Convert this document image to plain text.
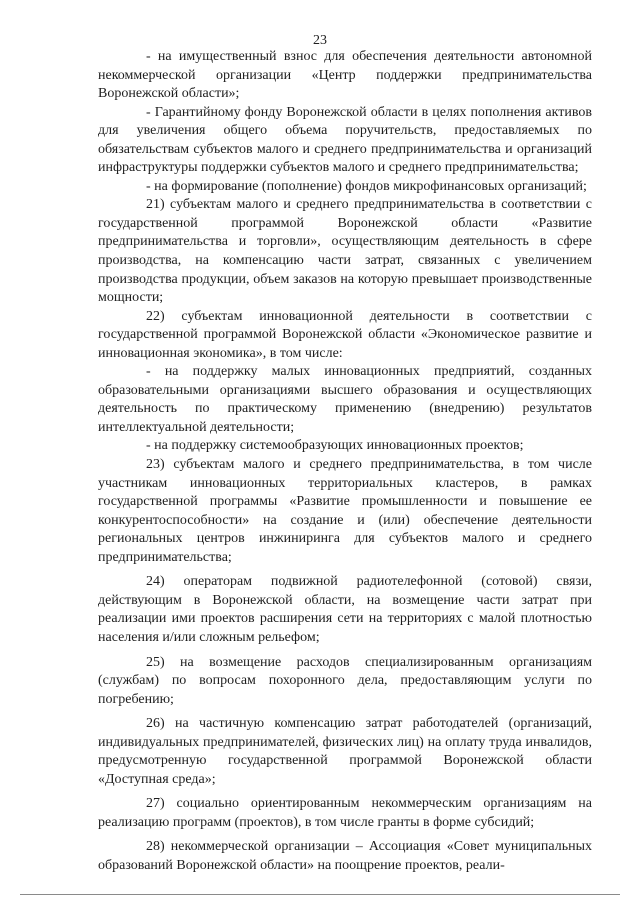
23

- на имущественный взнос для обеспечения деятельности автономной некоммерческой организации «Центр поддержки предпринимательства Воронежской области»;

- Гарантийному фонду Воронежской области в целях пополнения активов для увеличения общего объема поручительств, предоставляемых по обязательствам субъектов малого и среднего предпринимательства и организаций инфраструктуры поддержки субъектов малого и среднего предпринимательства;

- на формирование (пополнение) фондов микрофинансовых организаций;

21) субъектам малого и среднего предпринимательства в соответствии с государственной программой Воронежской области «Развитие предпринимательства и торговли», осуществляющим деятельность в сфере производства, на компенсацию части затрат, связанных с увеличением производства продукции, объем заказов на которую превышает производственные мощности;

22) субъектам инновационной деятельности в соответствии с государственной программой Воронежской области «Экономическое развитие и инновационная экономика», в том числе:

- на поддержку малых инновационных предприятий, созданных образовательными организациями высшего образования и осуществляющих деятельность по практическому применению (внедрению) результатов интеллектуальной деятельности;

- на поддержку системообразующих инновационных проектов;

23) субъектам малого и среднего предпринимательства, в том числе участникам инновационных территориальных кластеров, в рамках государственной программы «Развитие промышленности и повышение ее конкурентоспособности» на создание и (или) обеспечение деятельности региональных центров инжиниринга для субъектов малого и среднего предпринимательства;

24) операторам подвижной радиотелефонной (сотовой) связи, действующим в Воронежской области, на возмещение части затрат при реализации ими проектов расширения сети на территориях с малой плотностью населения и/или сложным рельефом;

25) на возмещение расходов специализированным организациям (службам) по вопросам похоронного дела, предоставляющим услуги по погребению;

26) на частичную компенсацию затрат работодателей (организаций, индивидуальных предпринимателей, физических лиц) на оплату труда инвалидов, предусмотренную государственной программой Воронежской области «Доступная среда»;

27) социально ориентированным некоммерческим организациям на реализацию программ (проектов), в том числе гранты в форме субсидий;

28) некоммерческой организации – Ассоциация «Совет муниципальных образований Воронежской области» на поощрение проектов, реали-
